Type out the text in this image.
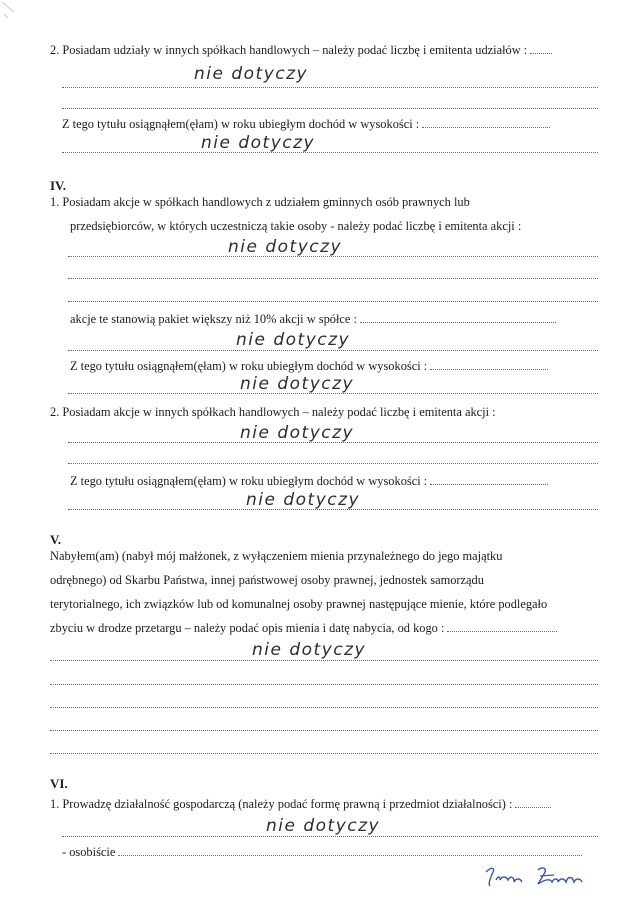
2. Posiadam udziały w innych spółkach handlowych – należy podać liczbę i emitenta udziałów :
nie dotyczy
Z tego tytułu osiągnąłem(ęłam) w roku ubiegłym dochód w wysokości :
nie dotyczy
IV.
1. Posiadam akcje w spółkach handlowych z udziałem gminnych osób prawnych lub
przedsiębiorców, w których uczestniczą takie osoby - należy podać liczbę i emitenta akcji :
nie dotyczy
akcje te stanowią pakiet większy niż 10% akcji w spółce :
nie dotyczy
Z tego tytułu osiągnąłem(ęłam) w roku ubiegłym dochód w wysokości :
nie dotyczy
2. Posiadam akcje w innych spółkach handlowych – należy podać liczbę i emitenta akcji :
nie dotyczy
Z tego tytułu osiągnąłem(ęłam) w roku ubiegłym dochód w wysokości :
nie dotyczy
V.
Nabyłem(am) (nabył mój małżonek, z wyłączeniem mienia przynależnego do jego majątku
odrębnego) od Skarbu Państwa, innej państwowej osoby prawnej, jednostek samorządu
terytorialnego, ich związków lub od komunalnej osoby prawnej następujące mienie, które podlegało
zbyciu w drodze przetargu – należy podać opis mienia i datę nabycia, od kogo :
nie dotyczy
VI.
1. Prowadzę działalność gospodarczą (należy podać formę prawną i przedmiot działalności) :
nie dotyczy
- osobiście
